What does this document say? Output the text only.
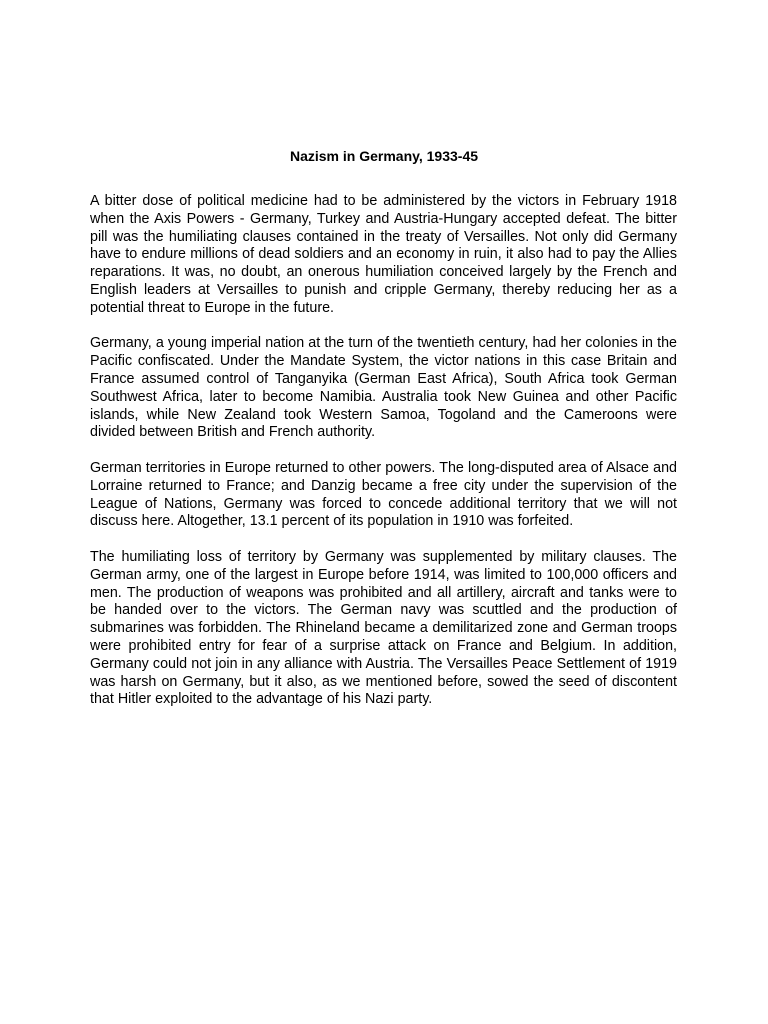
Nazism in Germany, 1933-45

A bitter dose of political medicine had to be administered by the victors in February 1918 when the Axis Powers - Germany, Turkey and Austria-Hungary accepted defeat. The bitter pill was the humiliating clauses contained in the treaty of Versailles. Not only did Germany have to endure millions of dead soldiers and an economy in ruin, it also had to pay the Allies reparations. It was, no doubt, an onerous humiliation conceived largely by the French and English leaders at Versailles to punish and cripple Germany, thereby reducing her as a potential threat to Europe in the future.

Germany, a young imperial nation at the turn of the twentieth century, had her colonies in the Pacific confiscated. Under the Mandate System, the victor nations in this case Britain and France assumed control of Tanganyika (German East Africa), South Africa took German Southwest Africa, later to become Namibia. Australia took New Guinea and other Pacific islands, while New Zealand took Western Samoa, Togoland and the Cameroons were divided between British and French authority.

German territories in Europe returned to other powers. The long-disputed area of Alsace and Lorraine returned to France; and Danzig became a free city under the supervision of the League of Nations, Germany was forced to concede additional territory that we will not discuss here. Altogether, 13.1 percent of its population in 1910 was forfeited.

The humiliating loss of territory by Germany was supplemented by military clauses. The German army, one of the largest in Europe before 1914, was limited to 100,000 officers and men. The production of weapons was prohibited and all artillery, aircraft and tanks were to be handed over to the victors. The German navy was scuttled and the production of submarines was forbidden. The Rhineland became a demilitarized zone and German troops were prohibited entry for fear of a surprise attack on France and Belgium. In addition, Germany could not join in any alliance with Austria. The Versailles Peace Settlement of 1919 was harsh on Germany, but it also, as we mentioned before, sowed the seed of discontent that Hitler exploited to the advantage of his Nazi party.
